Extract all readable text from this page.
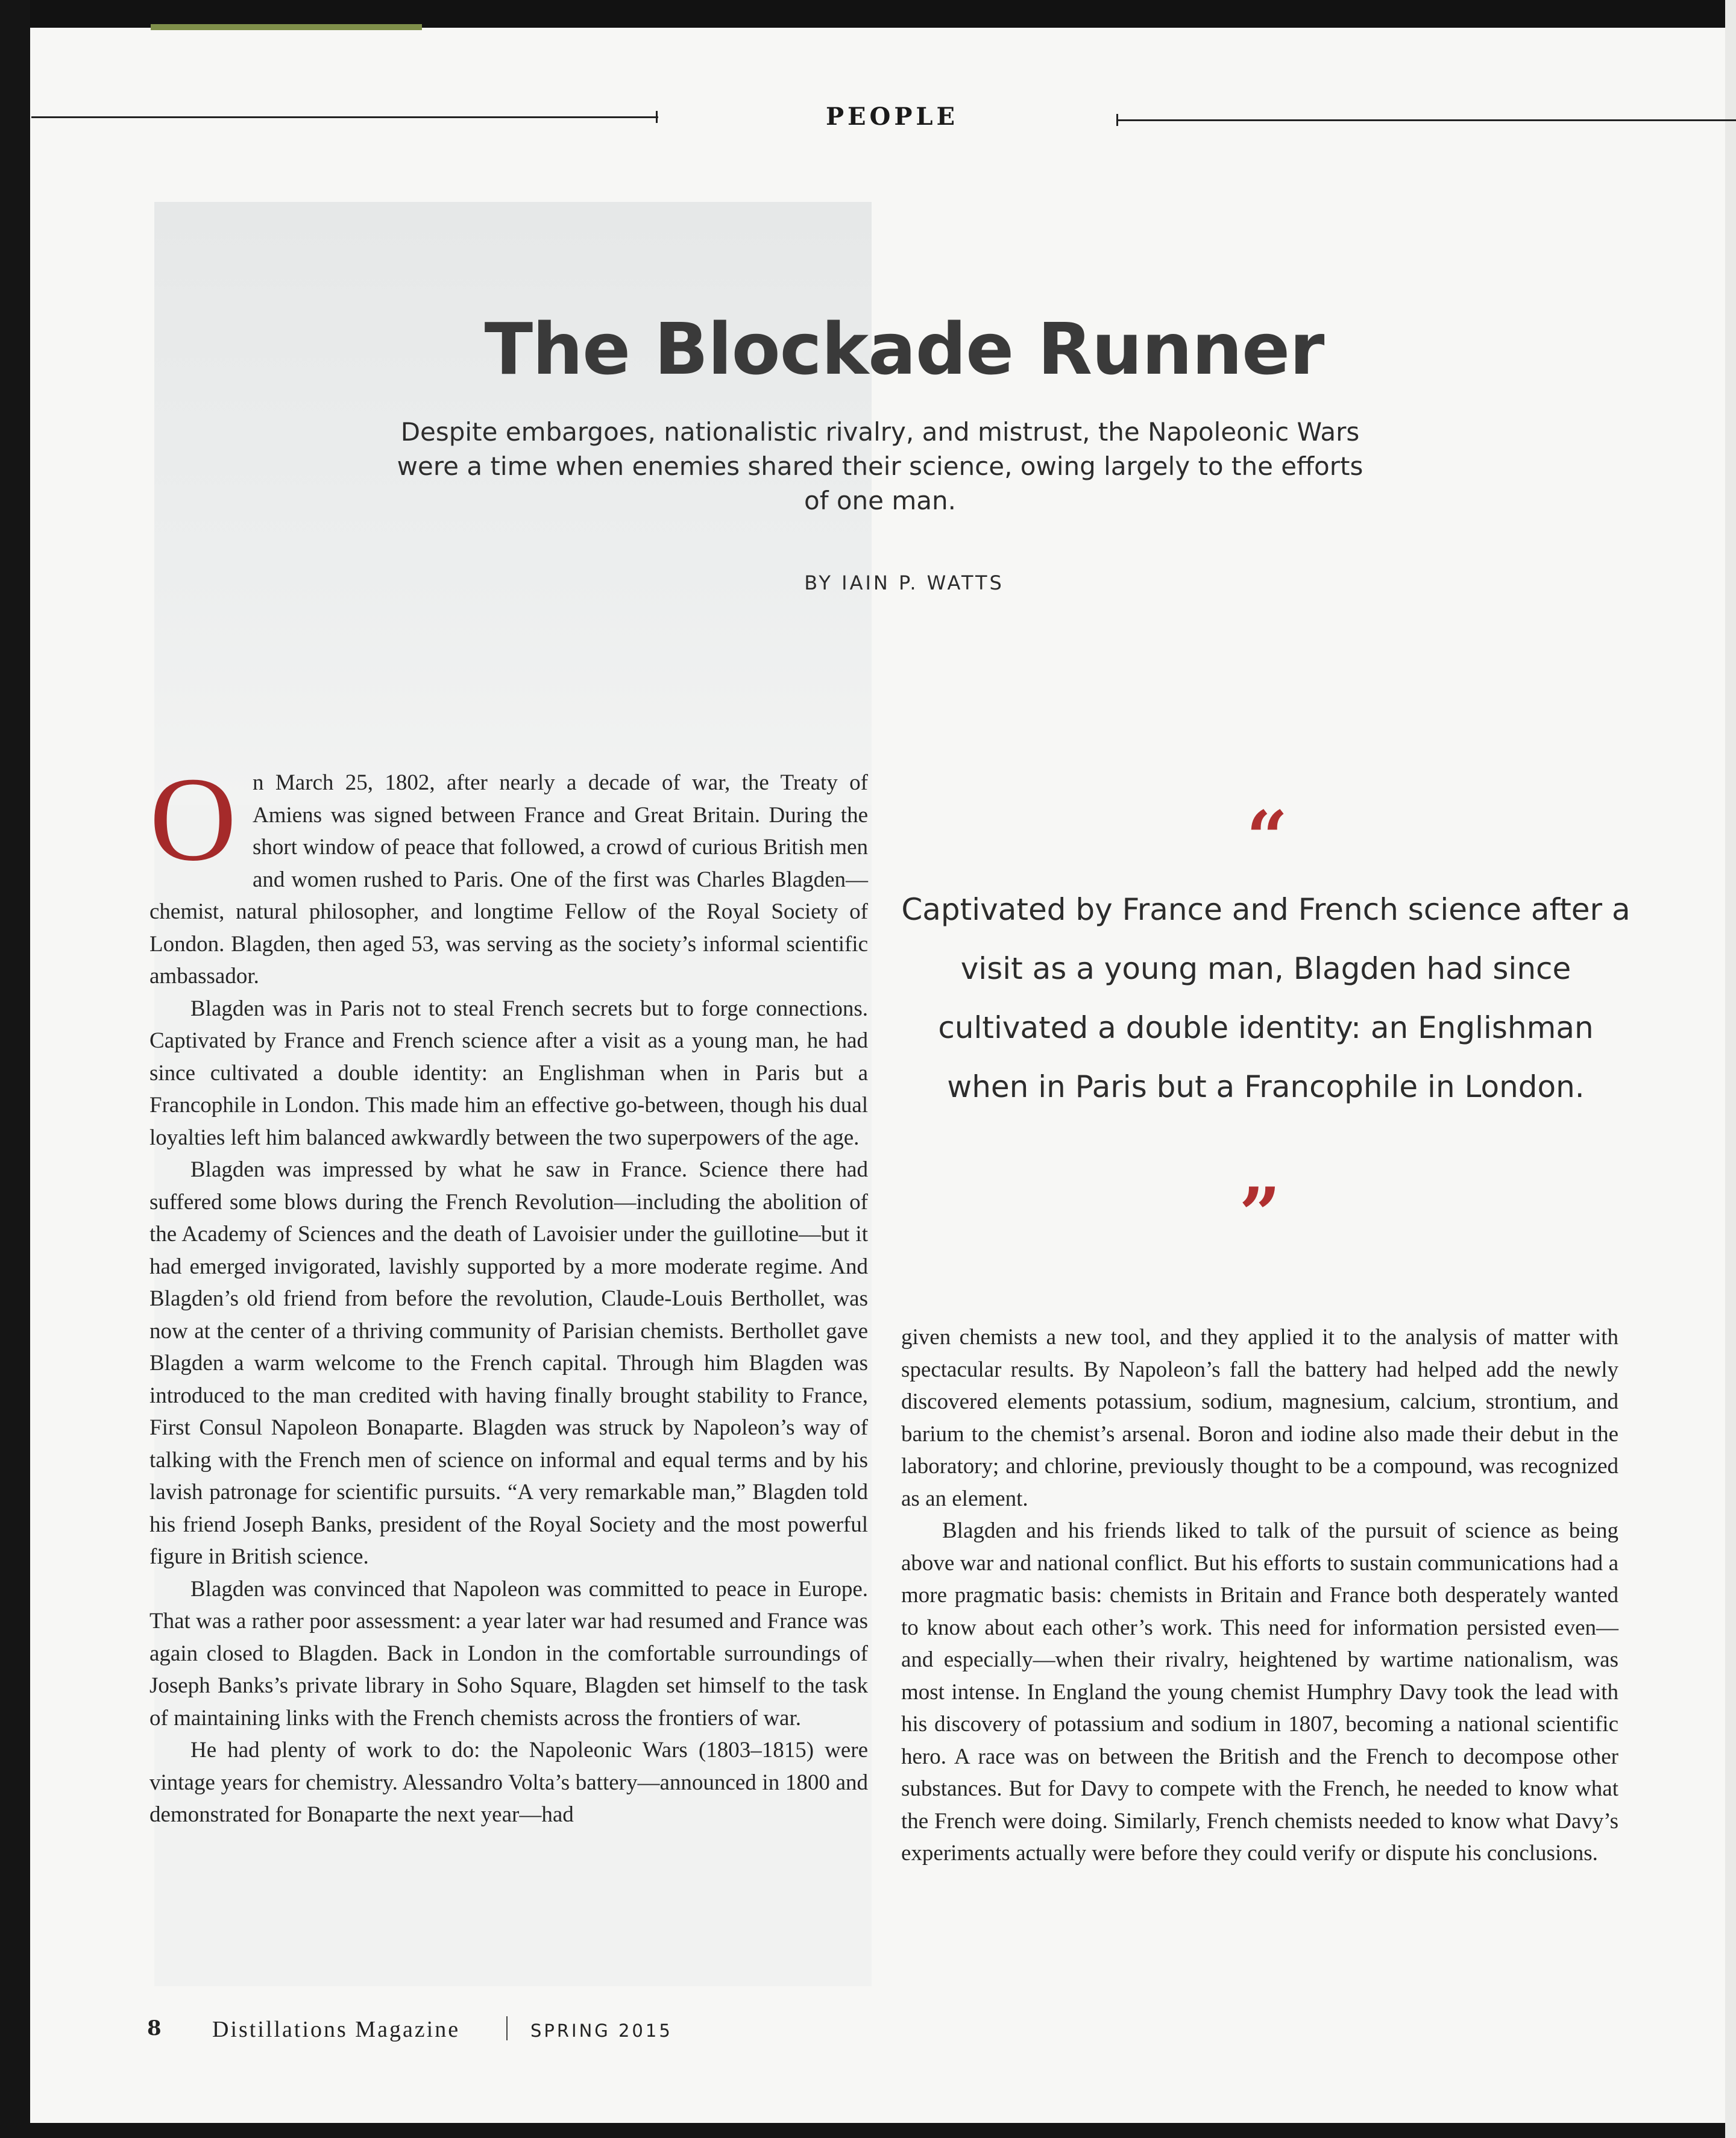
PEOPLE
The Blockade Runner
Despite embargoes, nationalistic rivalry, and mistrust, the Napoleonic Wars were a time when enemies shared their science, owing largely to the efforts of one man.
BY IAIN P. WATTS

On March 25, 1802, after nearly a decade of war, the Treaty of Amiens was signed between France and Great Britain. During the short window of peace that followed, a crowd of curious British men and women rushed to Paris. One of the first was Charles Blagden—chemist, natural philosopher, and longtime Fellow of the Royal Society of London. Blagden, then aged 53, was serving as the society’s informal scientific ambassador.

Blagden was in Paris not to steal French secrets but to forge connections. Captivated by France and French science after a visit as a young man, he had since cultivated a double identity: an Englishman when in Paris but a Francophile in London. This made him an effective go-between, though his dual loyalties left him balanced awkwardly between the two superpowers of the age.

Blagden was impressed by what he saw in France. Science there had suffered some blows during the French Revolution—including the abolition of the Academy of Sciences and the death of Lavoisier under the guillotine—but it had emerged invigorated, lavishly supported by a more moderate regime. And Blagden’s old friend from before the revolution, Claude-Louis Berthollet, was now at the center of a thriving community of Parisian chemists. Berthollet gave Blagden a warm welcome to the French capital. Through him Blagden was introduced to the man credited with having finally brought stability to France, First Consul Napoleon Bonaparte. Blagden was struck by Napoleon’s way of talking with the French men of science on informal and equal terms and by his lavish patronage for scientific pursuits. “A very remarkable man,” Blagden told his friend Joseph Banks, president of the Royal Society and the most powerful figure in British science.

Blagden was convinced that Napoleon was committed to peace in Europe. That was a rather poor assessment: a year later war had resumed and France was again closed to Blagden. Back in London in the comfortable surroundings of Joseph Banks’s private library in Soho Square, Blagden set himself to the task of maintaining links with the French chemists across the frontiers of war.

He had plenty of work to do: the Napoleonic Wars (1803–1815) were vintage years for chemistry. Alessandro Volta’s battery—announced in 1800 and demonstrated for Bonaparte the next year—had

“
Captivated by France and French science after a visit as a young man, Blagden had since cultivated a double identity: an Englishman when in Paris but a Francophile in London.
”

given chemists a new tool, and they applied it to the analysis of matter with spectacular results. By Napoleon’s fall the battery had helped add the newly discovered elements potassium, sodium, magnesium, calcium, strontium, and barium to the chemist’s arsenal. Boron and iodine also made their debut in the laboratory; and chlorine, previously thought to be a compound, was recognized as an element.

Blagden and his friends liked to talk of the pursuit of science as being above war and national conflict. But his efforts to sustain communications had a more pragmatic basis: chemists in Britain and France both desperately wanted to know about each other’s work. This need for information persisted even—and especially—when their rivalry, heightened by wartime nationalism, was most intense. In England the young chemist Humphry Davy took the lead with his discovery of potassium and sodium in 1807, becoming a national scientific hero. A race was on between the British and the French to decompose other substances. But for Davy to compete with the French, he needed to know what the French were doing. Similarly, French chemists needed to know what Davy’s experiments actually were before they could verify or dispute his conclusions.

8 Distillations Magazine	SPRING 2015
